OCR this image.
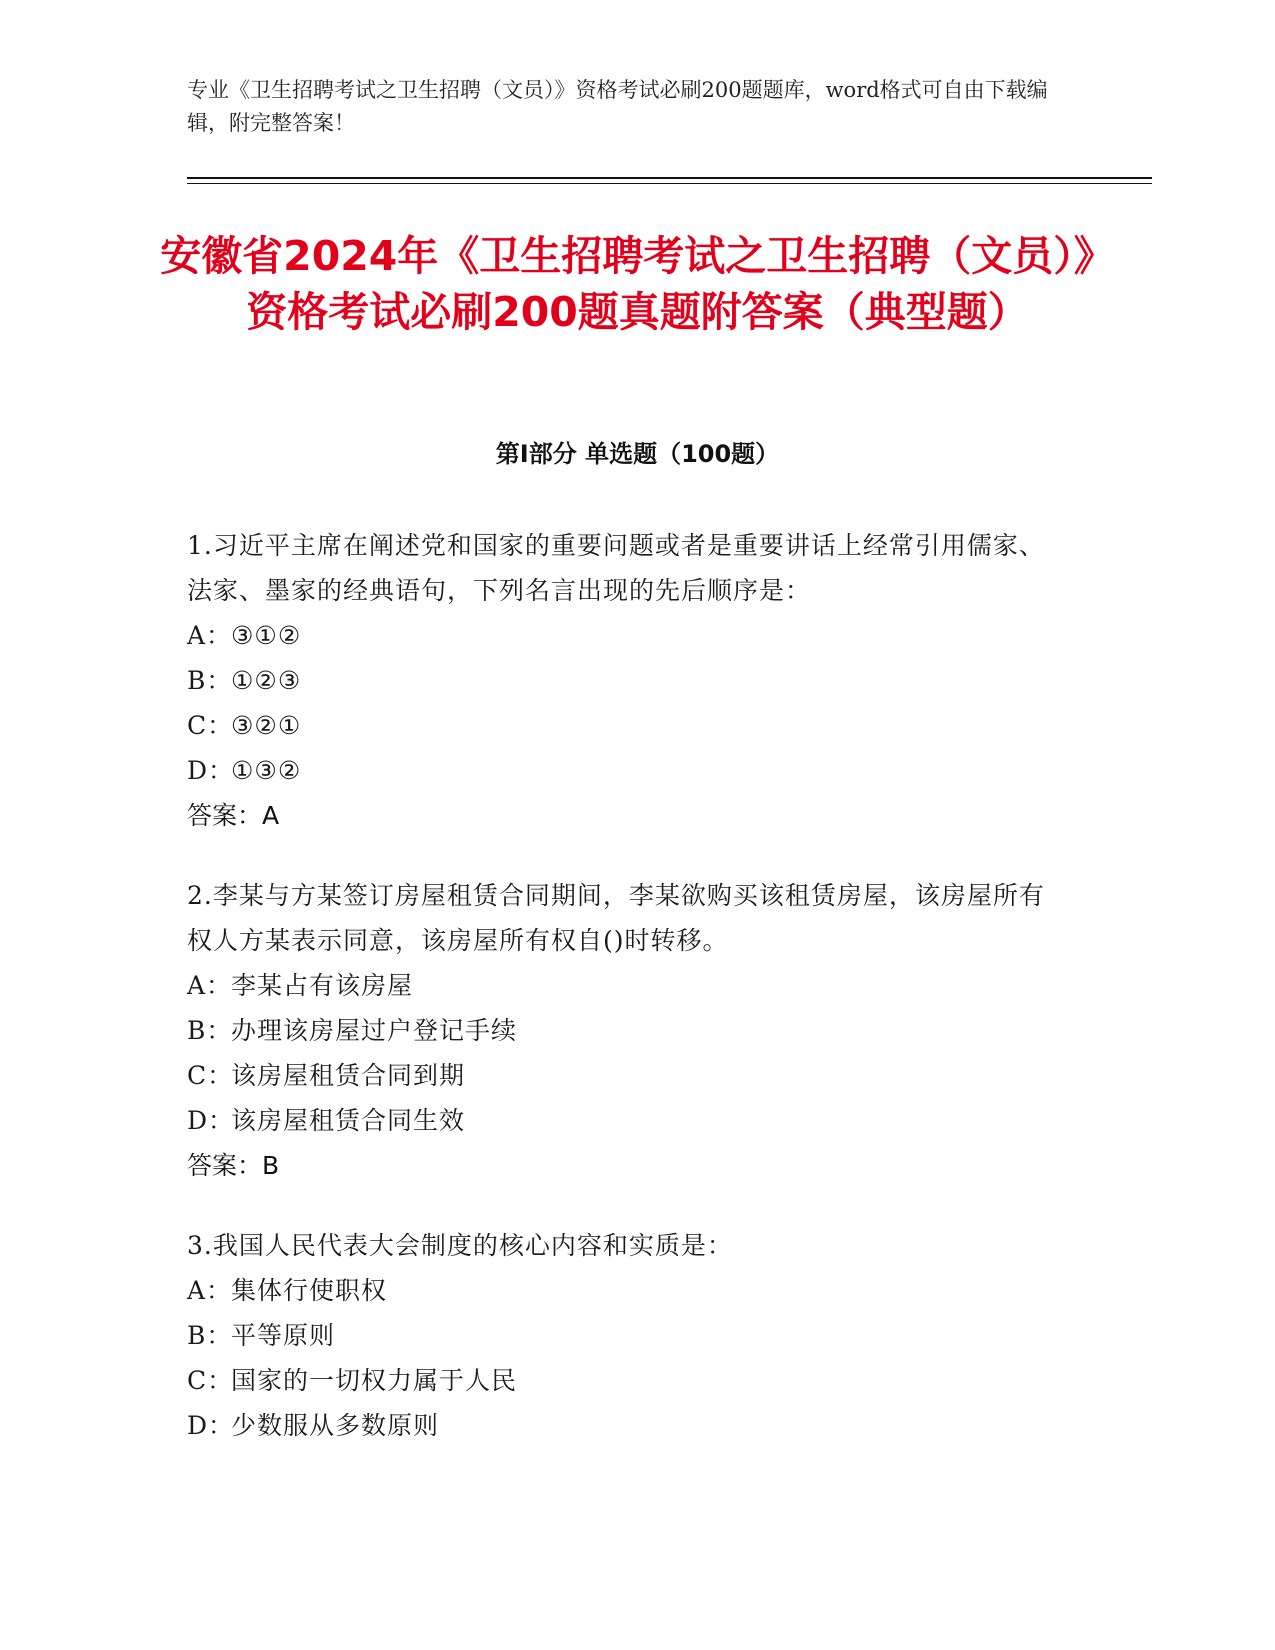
专业《卫生招聘考试之卫生招聘（文员）》资格考试必刷200题题库，word格式可自由下载编辑，附完整答案！
安徽省2024年《卫生招聘考试之卫生招聘（文员）》资格考试必刷200题真题附答案（典型题）
第I部分 单选题（100题）
1.习近平主席在阐述党和国家的重要问题或者是重要讲话上经常引用儒家、法家、墨家的经典语句，下列名言出现的先后顺序是：
A：③①②
B：①②③
C：③②①
D：①③②
答案：A
2.李某与方某签订房屋租赁合同期间，李某欲购买该租赁房屋，该房屋所有权人方某表示同意，该房屋所有权自()时转移。
A：李某占有该房屋
B：办理该房屋过户登记手续
C：该房屋租赁合同到期
D：该房屋租赁合同生效
答案：B
3.我国人民代表大会制度的核心内容和实质是：
A：集体行使职权
B：平等原则
C：国家的一切权力属于人民
D：少数服从多数原则
